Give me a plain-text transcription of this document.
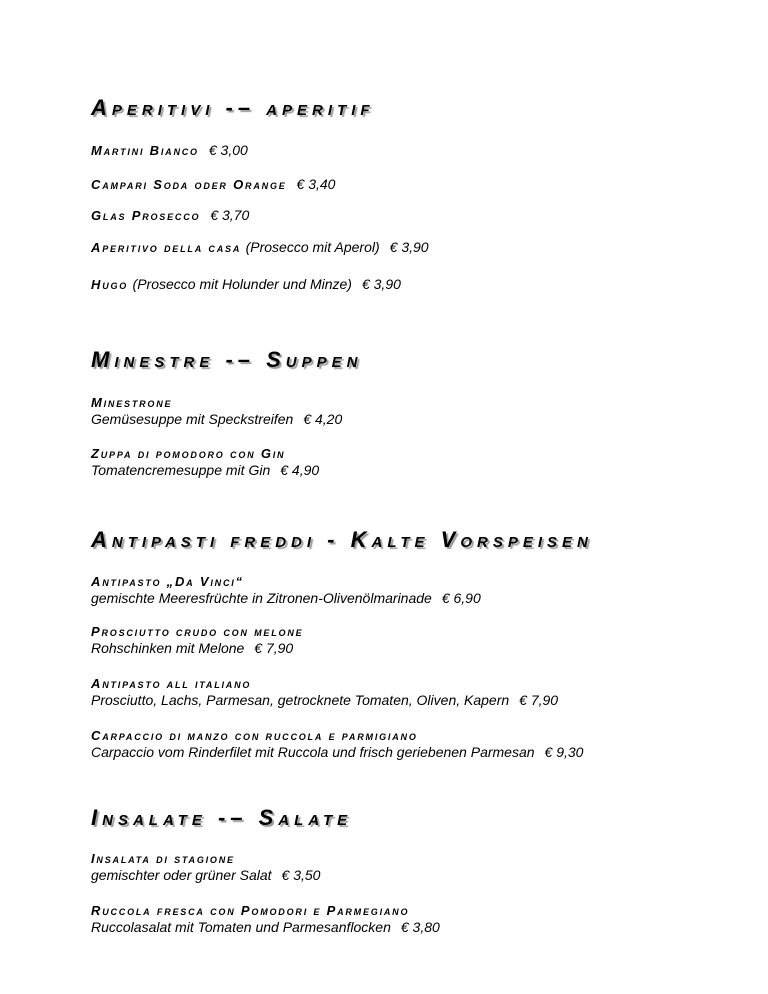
Aperitivi -– aperitif
Martini Bianco € 3,00
Campari Soda oder Orange € 3,40
Glas Prosecco € 3,70
Aperitivo della casa (Prosecco mit Aperol) € 3,90
Hugo (Prosecco mit Holunder und Minze) € 3,90
Minestre -– Suppen
Minestrone
Gemüsesuppe mit Speckstreifen € 4,20
Zuppa di pomodoro con Gin
Tomatencremesuppe mit Gin € 4,90
Antipasti freddi - Kalte Vorspeisen
Antipasto „Da Vinci“
gemischte Meeresfrüchte in Zitronen-Olivenölmarinade € 6,90
Prosciutto crudo con melone
Rohschinken mit Melone € 7,90
Antipasto all italiano
Prosciutto, Lachs, Parmesan, getrocknete Tomaten, Oliven, Kapern € 7,90
Carpaccio di manzo con ruccola e parmigiano
Carpaccio vom Rinderfilet mit Ruccola und frisch geriebenen Parmesan € 9,30
Insalate -– Salate
Insalata di stagione
gemischter oder grüner Salat € 3,50
Ruccola fresca con Pomodori e Parmegiano
Ruccolasalat mit Tomaten und Parmesanflocken € 3,80
